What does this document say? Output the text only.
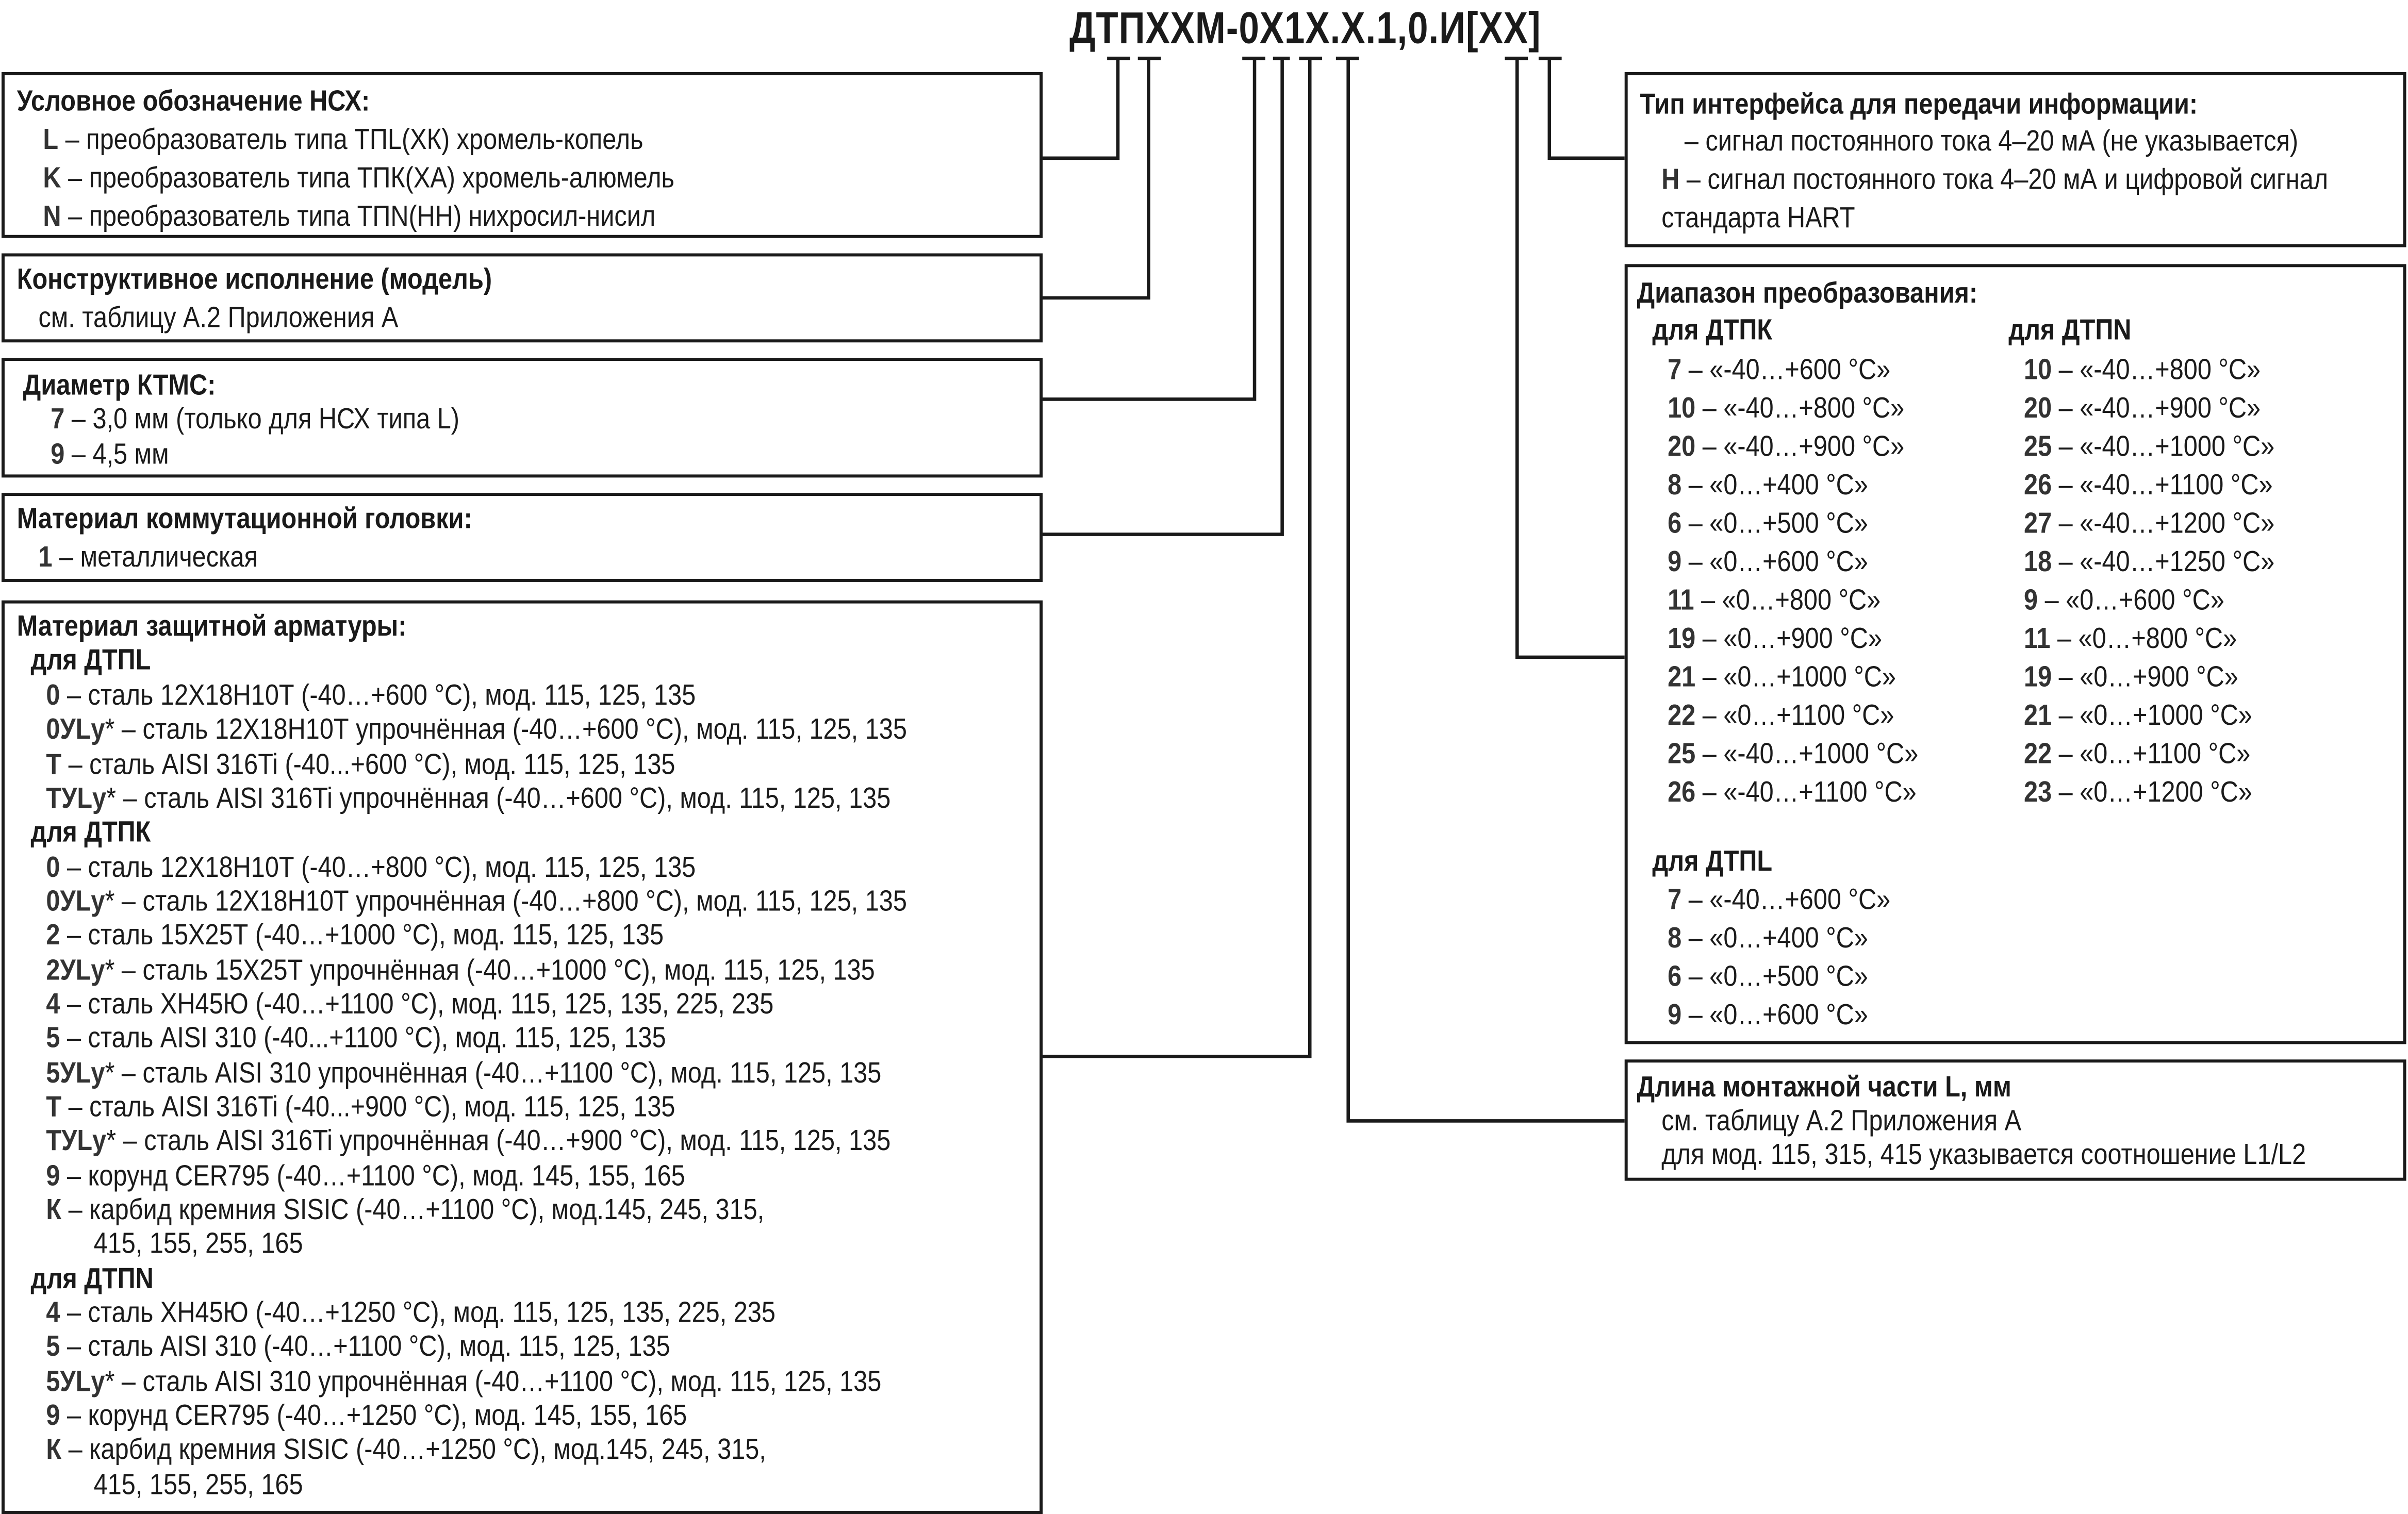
ДТПXXМ-0X1X.X.1,0.И[XX]
Условное обозначение НСХ:
L – преобразователь типа ТПL(ХК) хромель-копель
K – преобразователь типа ТПК(ХА) хромель-алюмель
N – преобразователь типа ТПN(НН) нихросил-нисил
Конструктивное исполнение (модель)
см. таблицу А.2 Приложения А
Диаметр КТМС:
7 – 3,0 мм (только для НСХ типа L)
9 – 4,5 мм
Материал коммутационной головки:
1 – металлическая
Материал защитной арматуры:
для ДТПL
0 – сталь 12Х18Н10Т (-40…+600 °С), мод. 115, 125, 135
0УLу* – сталь 12Х18Н10Т упрочнённая (-40…+600 °С), мод. 115, 125, 135
Т – сталь AISI 316Ti (-40...+600 °С), мод. 115, 125, 135
ТУLу* – сталь AISI 316Ti упрочнённая (-40…+600 °С), мод. 115, 125, 135
для ДТПК
0 – сталь 12Х18Н10Т (-40…+800 °С), мод. 115, 125, 135
0УLу* – сталь 12Х18Н10Т упрочнённая (-40…+800 °С), мод. 115, 125, 135
2 – сталь 15Х25Т (-40…+1000 °С), мод. 115, 125, 135
2УLу* – сталь 15Х25Т упрочнённая (-40…+1000 °С), мод. 115, 125, 135
4 – сталь ХН45Ю (-40…+1100 °С), мод. 115, 125, 135, 225, 235
5 – сталь AISI 310 (-40...+1100 °С), мод. 115, 125, 135
5УLу* – сталь AISI 310 упрочнённая (-40…+1100 °С), мод. 115, 125, 135
Т – сталь AISI 316Ti (-40...+900 °С), мод. 115, 125, 135
ТУLу* – сталь AISI 316Ti упрочнённая (-40…+900 °С), мод. 115, 125, 135
9 – корунд CER795 (-40…+1100 °С), мод. 145, 155, 165
К – карбид кремния SISIC (-40…+1100 °С), мод.145, 245, 315,
415, 155, 255, 165
для ДТПN
4 – сталь ХН45Ю (-40…+1250 °С), мод. 115, 125, 135, 225, 235
5 – сталь AISI 310 (-40…+1100 °С), мод. 115, 125, 135
5УLу* – сталь AISI 310 упрочнённая (-40…+1100 °С), мод. 115, 125, 135
9 – корунд CER795 (-40…+1250 °С), мод. 145, 155, 165
К – карбид кремния SISIC (-40…+1250 °С), мод.145, 245, 315,
415, 155, 255, 165
Тип интерфейса для передачи информации:
– сигнал постоянного тока 4–20 мА (не указывается)
Н – сигнал постоянного тока 4–20 мА и цифровой сигнал
стандарта HART
Диапазон преобразования:
для ДТПК
7 – «-40…+600 °С»
10 – «-40…+800 °С»
20 – «-40…+900 °С»
8 – «0…+400 °С»
6 – «0…+500 °С»
9 – «0…+600 °С»
11 – «0…+800 °С»
19 – «0…+900 °С»
21 – «0…+1000 °С»
22 – «0…+1100 °С»
25 – «-40…+1000 °С»
26 – «-40…+1100 °С»
для ДТПN
10 – «-40…+800 °С»
20 – «-40…+900 °С»
25 – «-40…+1000 °С»
26 – «-40…+1100 °С»
27 – «-40…+1200 °С»
18 – «-40…+1250 °С»
9 – «0…+600 °С»
11 – «0…+800 °С»
19 – «0…+900 °С»
21 – «0…+1000 °С»
22 – «0…+1100 °С»
23 – «0…+1200 °С»
для ДТПL
7 – «-40…+600 °С»
8 – «0…+400 °С»
6 – «0…+500 °С»
9 – «0…+600 °С»
Длина монтажной части L, мм
см. таблицу А.2 Приложения А
для мод. 115, 315, 415 указывается соотношение L1/L2
